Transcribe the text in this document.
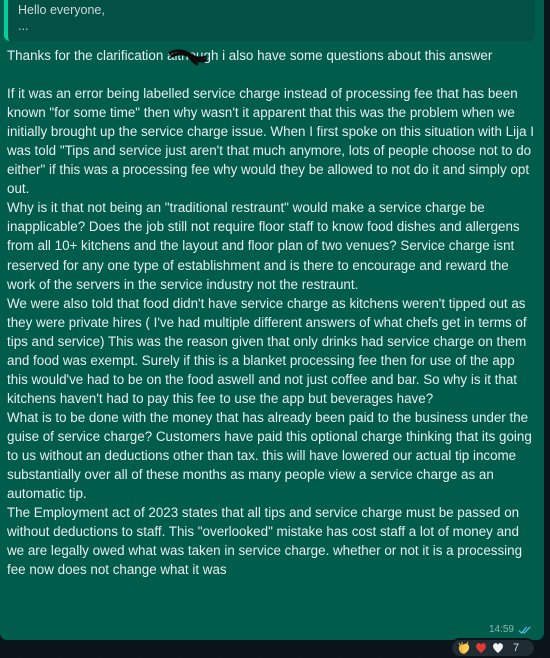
Hello everyone,
...

Thanks for the clarification although i also have some questions about this answer

If it was an error being labelled service charge instead of processing fee that has been known "for some time" then why wasn't it apparent that this was the problem when we initially brought up the service charge issue. When I first spoke on this situation with Lija I was told "Tips and service just aren't that much anymore, lots of people choose not to do either" if this was a processing fee why would they be allowed to not do it and simply opt out.
Why is it that not being an "traditional restraunt" would make a service charge be inapplicable? Does the job still not require floor staff to know food dishes and allergens from all 10+ kitchens and the layout and floor plan of two venues? Service charge isnt reserved for any one type of establishment and is there to encourage and reward the work of the servers in the service industry not the restraunt.
We were also told that food didn't have service charge as kitchens weren't tipped out as they were private hires ( I've had multiple different answers of what chefs get in terms of tips and service) This was the reason given that only drinks had service charge on them and food was exempt. Surely if this is a blanket processing fee then for use of the app this would've had to be on the food aswell and not just coffee and bar. So why is it that kitchens haven't had to pay this fee to use the app but beverages have?
What is to be done with the money that has already been paid to the business under the guise of service charge? Customers have paid this optional charge thinking that its going to us without an deductions other than tax. this will have lowered our actual tip income substantially over all of these months as many people view a service charge as an automatic tip.
The Employment act of 2023 states that all tips and service charge must be passed on without deductions to staff. This "overlooked" mistake has cost staff a lot of money and we are legally owed what was taken in service charge. whether or not it is a processing fee now does not change what it was

14:59
7
